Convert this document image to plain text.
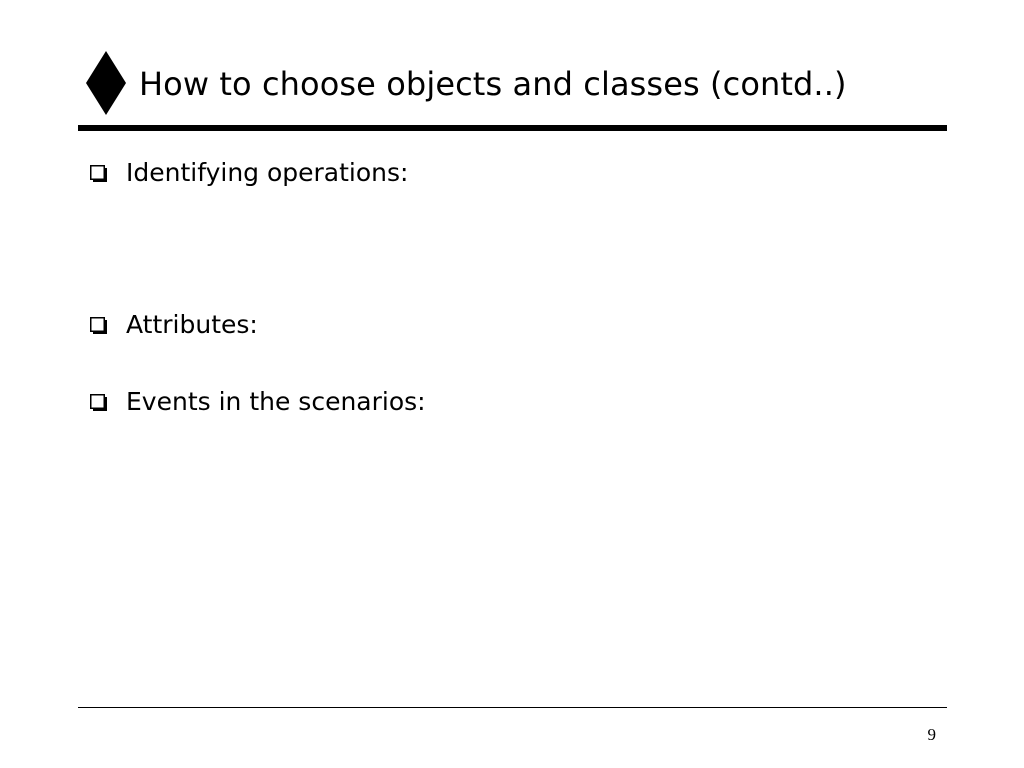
How to choose objects and classes (contd..)
Identifying operations:
Attributes:
Events in the scenarios:
9
